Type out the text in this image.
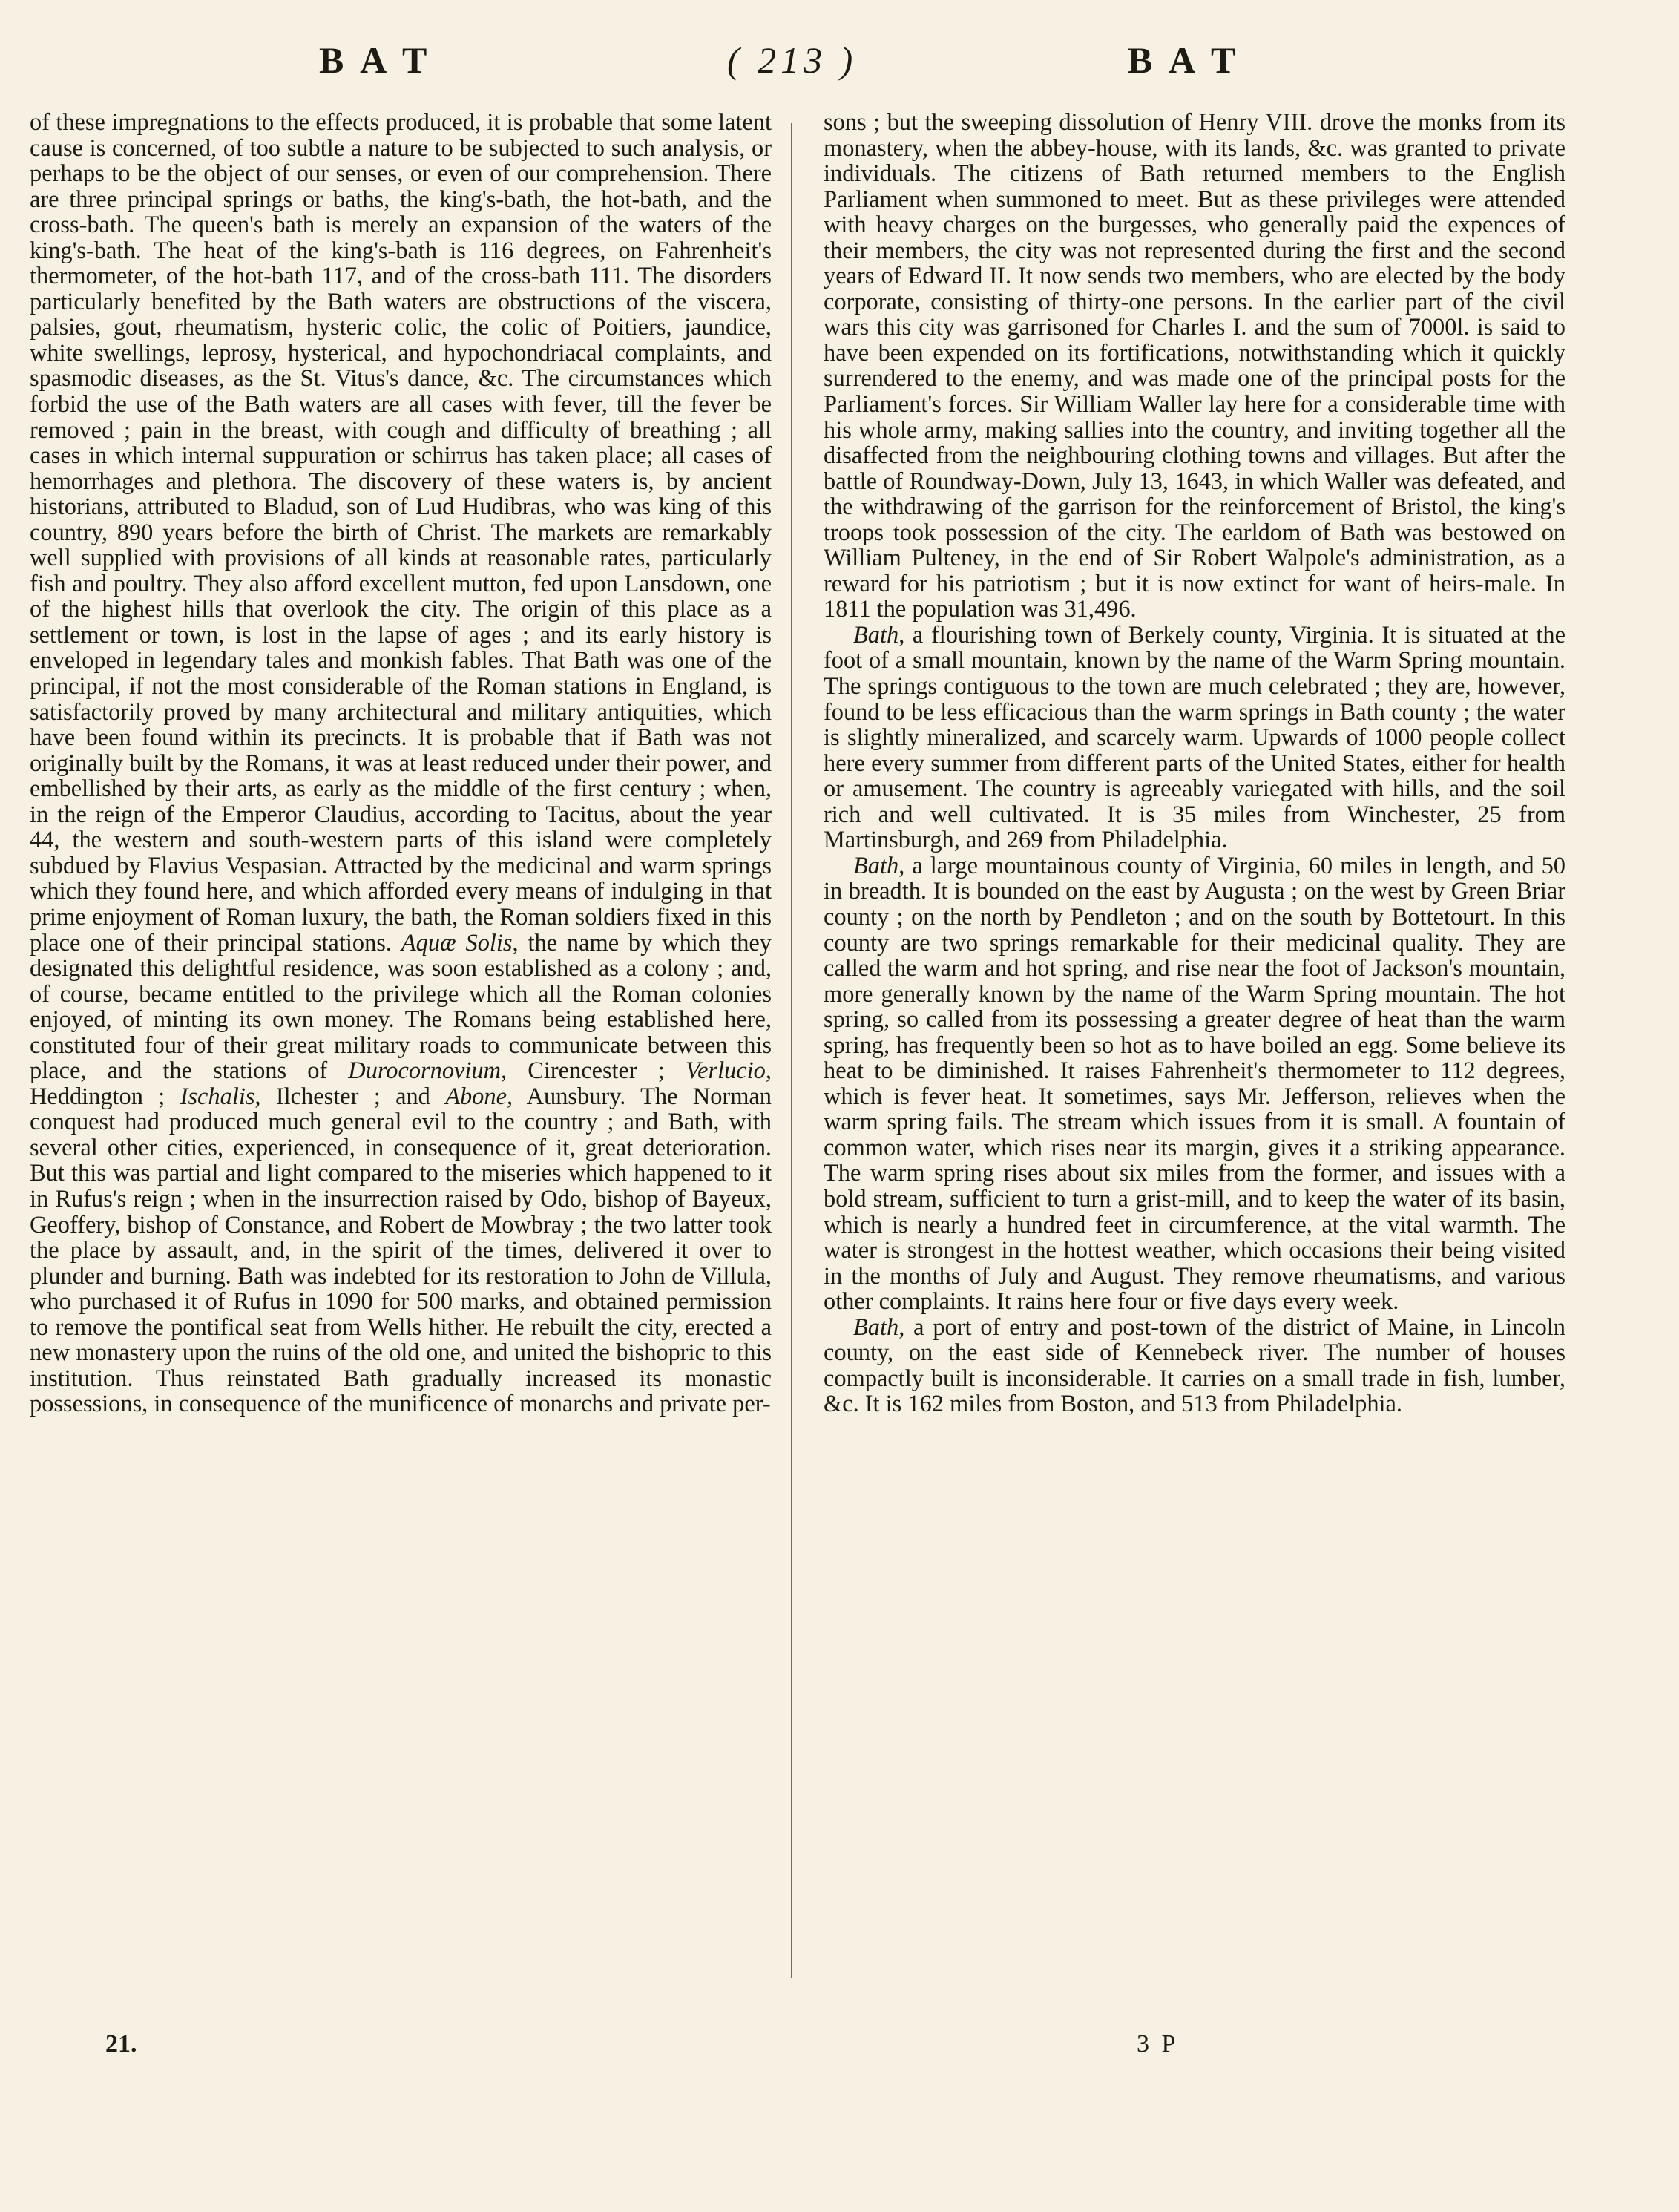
B A T	( 213 )	B A T

of these impregnations to the effects produced, it is probable that some latent cause is concerned, of too subtle a nature to be subjected to such analysis, or perhaps to be the object of our senses, or even of our comprehension. There are three principal springs or baths, the king's-bath, the hot-bath, and the cross-bath. The queen's bath is merely an expansion of the waters of the king's-bath. The heat of the king's-bath is 116 degrees, on Fahrenheit's thermometer, of the hot-bath 117, and of the cross-bath 111. The disorders particularly benefited by the Bath waters are obstructions of the viscera, palsies, gout, rheumatism, hysteric colic, the colic of Poitiers, jaundice, white swellings, leprosy, hysterical, and hypochondriacal complaints, and spasmodic diseases, as the St. Vitus's dance, &c. The circumstances which forbid the use of the Bath waters are all cases with fever, till the fever be removed ; pain in the breast, with cough and difficulty of breathing ; all cases in which internal suppuration or schirrus has taken place; all cases of hemorrhages and plethora. The discovery of these waters is, by ancient historians, attributed to Bladud, son of Lud Hudibras, who was king of this country, 890 years before the birth of Christ. The markets are remarkably well supplied with provisions of all kinds at reasonable rates, particularly fish and poultry. They also afford excellent mutton, fed upon Lansdown, one of the highest hills that overlook the city. The origin of this place as a settlement or town, is lost in the lapse of ages ; and its early history is enveloped in legendary tales and monkish fables. That Bath was one of the principal, if not the most considerable of the Roman stations in England, is satisfactorily proved by many architectural and military antiquities, which have been found within its precincts. It is probable that if Bath was not originally built by the Romans, it was at least reduced under their power, and embellished by their arts, as early as the middle of the first century ; when, in the reign of the Emperor Claudius, according to Tacitus, about the year 44, the western and south-western parts of this island were completely subdued by Flavius Vespasian. Attracted by the medicinal and warm springs which they found here, and which afforded every means of indulging in that prime enjoyment of Roman luxury, the bath, the Roman soldiers fixed in this place one of their principal stations. Aquæ Solis, the name by which they designated this delightful residence, was soon established as a colony ; and, of course, became entitled to the privilege which all the Roman colonies enjoyed, of minting its own money. The Romans being established here, constituted four of their great military roads to communicate between this place, and the stations of Durocornovium, Cirencester ; Verlucio, Heddington ; Ischalis, Ilchester ; and Abone, Aunsbury. The Norman conquest had produced much general evil to the country ; and Bath, with several other cities, experienced, in consequence of it, great deterioration. But this was partial and light compared to the miseries which happened to it in Rufus's reign ; when in the insurrection raised by Odo, bishop of Bayeux, Geoffery, bishop of Constance, and Robert de Mowbray ; the two latter took the place by assault, and, in the spirit of the times, delivered it over to plunder and burning. Bath was indebted for its restoration to John de Villula, who purchased it of Rufus in 1090 for 500 marks, and obtained permission to remove the pontifical seat from Wells hither. He rebuilt the city, erected a new monastery upon the ruins of the old one, and united the bishopric to this institution. Thus reinstated Bath gradually increased its monastic possessions, in consequence of the munificence of monarchs and private per-

sons ; but the sweeping dissolution of Henry VIII. drove the monks from its monastery, when the abbey-house, with its lands, &c. was granted to private individuals. The citizens of Bath returned members to the English Parliament when summoned to meet. But as these privileges were attended with heavy charges on the burgesses, who generally paid the expences of their members, the city was not represented during the first and the second years of Edward II. It now sends two members, who are elected by the body corporate, consisting of thirty-one persons. In the earlier part of the civil wars this city was garrisoned for Charles I. and the sum of 7000l. is said to have been expended on its fortifications, notwithstanding which it quickly surrendered to the enemy, and was made one of the principal posts for the Parliament's forces. Sir William Waller lay here for a considerable time with his whole army, making sallies into the country, and inviting together all the disaffected from the neighbouring clothing towns and villages. But after the battle of Roundway-Down, July 13, 1643, in which Waller was defeated, and the withdrawing of the garrison for the reinforcement of Bristol, the king's troops took possession of the city. The earldom of Bath was bestowed on William Pulteney, in the end of Sir Robert Walpole's administration, as a reward for his patriotism ; but it is now extinct for want of heirs-male. In 1811 the population was 31,496.

Bath, a flourishing town of Berkely county, Virginia. It is situated at the foot of a small mountain, known by the name of the Warm Spring mountain. The springs contiguous to the town are much celebrated ; they are, however, found to be less efficacious than the warm springs in Bath county ; the water is slightly mineralized, and scarcely warm. Upwards of 1000 people collect here every summer from different parts of the United States, either for health or amusement. The country is agreeably variegated with hills, and the soil rich and well cultivated. It is 35 miles from Winchester, 25 from Martinsburgh, and 269 from Philadelphia.

Bath, a large mountainous county of Virginia, 60 miles in length, and 50 in breadth. It is bounded on the east by Augusta ; on the west by Green Briar county ; on the north by Pendleton ; and on the south by Bottetourt. In this county are two springs remarkable for their medicinal quality. They are called the warm and hot spring, and rise near the foot of Jackson's mountain, more generally known by the name of the Warm Spring mountain. The hot spring, so called from its possessing a greater degree of heat than the warm spring, has frequently been so hot as to have boiled an egg. Some believe its heat to be diminished. It raises Fahrenheit's thermometer to 112 degrees, which is fever heat. It sometimes, says Mr. Jefferson, relieves when the warm spring fails. The stream which issues from it is small. A fountain of common water, which rises near its margin, gives it a striking appearance. The warm spring rises about six miles from the former, and issues with a bold stream, sufficient to turn a grist-mill, and to keep the water of its basin, which is nearly a hundred feet in circumference, at the vital warmth. The water is strongest in the hottest weather, which occasions their being visited in the months of July and August. They remove rheumatisms, and various other complaints. It rains here four or five days every week.

Bath, a port of entry and post-town of the district of Maine, in Lincoln county, on the east side of Kennebeck river. The number of houses compactly built is inconsiderable. It carries on a small trade in fish, lumber, &c. It is 162 miles from Boston, and 513 from Philadelphia.

21.	3 P
